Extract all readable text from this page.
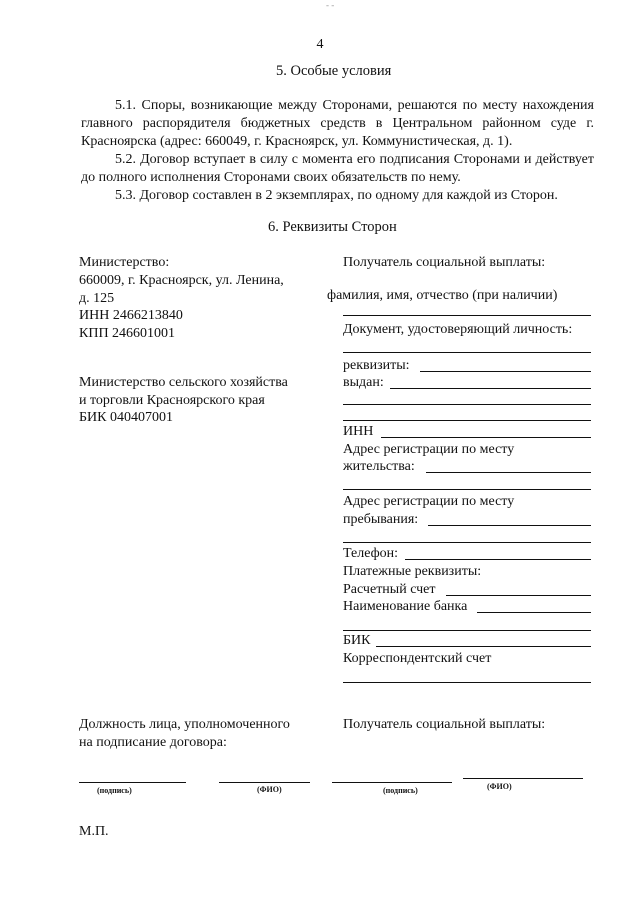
- -
4
5. Особые условия
5.1. Споры, возникающие между Сторонами, решаются по месту нахождения главного распорядителя бюджетных средств в Центральном районном суде г. Красноярска (адрес: 660049, г. Красноярск, ул. Коммунистическая, д. 1).
5.2. Договор вступает в силу с момента его подписания Сторонами и действует до полного исполнения Сторонами своих обязательств по нему.
5.3. Договор составлен в 2 экземплярах, по одному для каждой из Сторон.
6. Реквизиты Сторон
Министерство:
660009, г. Красноярск, ул. Ленина,
д. 125
ИНН 2466213840
КПП 246601001
Министерство сельского хозяйства
и торговли Красноярского края
БИК 040407001
Должность лица, уполномоченного
на подписание договора:
Получатель социальной выплаты:
фамилия, имя, отчество (при наличии)
Документ, удостоверяющий личность:
реквизиты:
выдан:
ИНН
Адрес регистрации по месту
жительства:
Адрес регистрации по месту
пребывания:
Телефон:
Платежные реквизиты:
Расчетный счет
Наименование банка
БИК
Корреспондентский счет
Получатель социальной выплаты:
(подпись)	(ФИО)	(подпись)	(ФИО)
М.П.
